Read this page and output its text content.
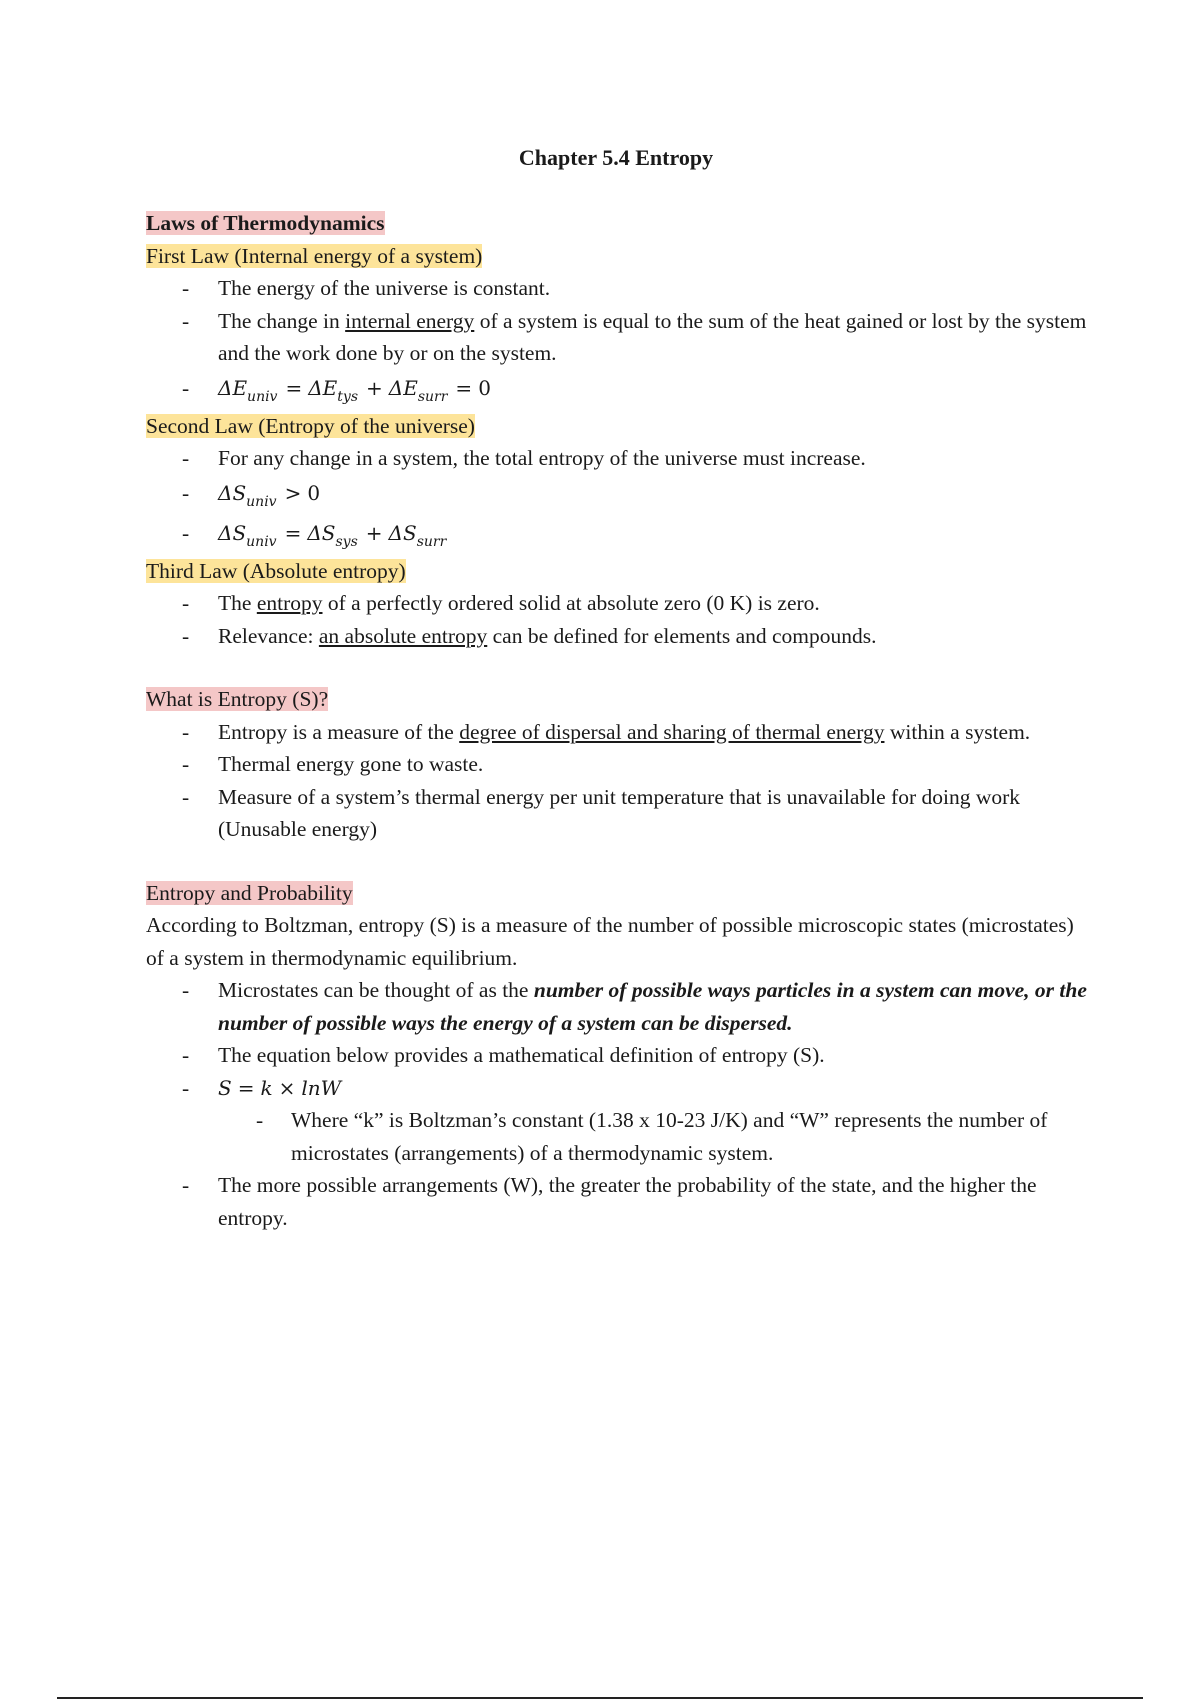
Chapter 5.4 Entropy
Laws of Thermodynamics
First Law (Internal energy of a system)
- The energy of the universe is constant.
- The change in internal energy of a system is equal to the sum of the heat gained or lost by the system and the work done by or on the system.
- $\Delta E_{univ} = \Delta E_{tys} + \Delta E_{surr} = 0$
Second Law (Entropy of the universe)
- For any change in a system, the total entropy of the universe must increase.
- $\Delta S_{univ} > 0$
- $\Delta S_{univ} = \Delta S_{sys} + \Delta S_{surr}$
Third Law (Absolute entropy)
- The entropy of a perfectly ordered solid at absolute zero (0 K) is zero.
- Relevance: an absolute entropy can be defined for elements and compounds.
What is Entropy (S)?
- Entropy is a measure of the degree of dispersal and sharing of thermal energy within a system.
- Thermal energy gone to waste.
- Measure of a system’s thermal energy per unit temperature that is unavailable for doing work (Unusable energy)
Entropy and Probability
According to Boltzman, entropy (S) is a measure of the number of possible microscopic states (microstates) of a system in thermodynamic equilibrium.
- Microstates can be thought of as the number of possible ways particles in a system can move, or the number of possible ways the energy of a system can be dispersed.
- The equation below provides a mathematical definition of entropy (S).
- S = k × lnW
- Where “k” is Boltzman’s constant (1.38 x 10-23 J/K) and “W” represents the number of microstates (arrangements) of a thermodynamic system.
- The more possible arrangements (W), the greater the probability of the state, and the higher the entropy.
